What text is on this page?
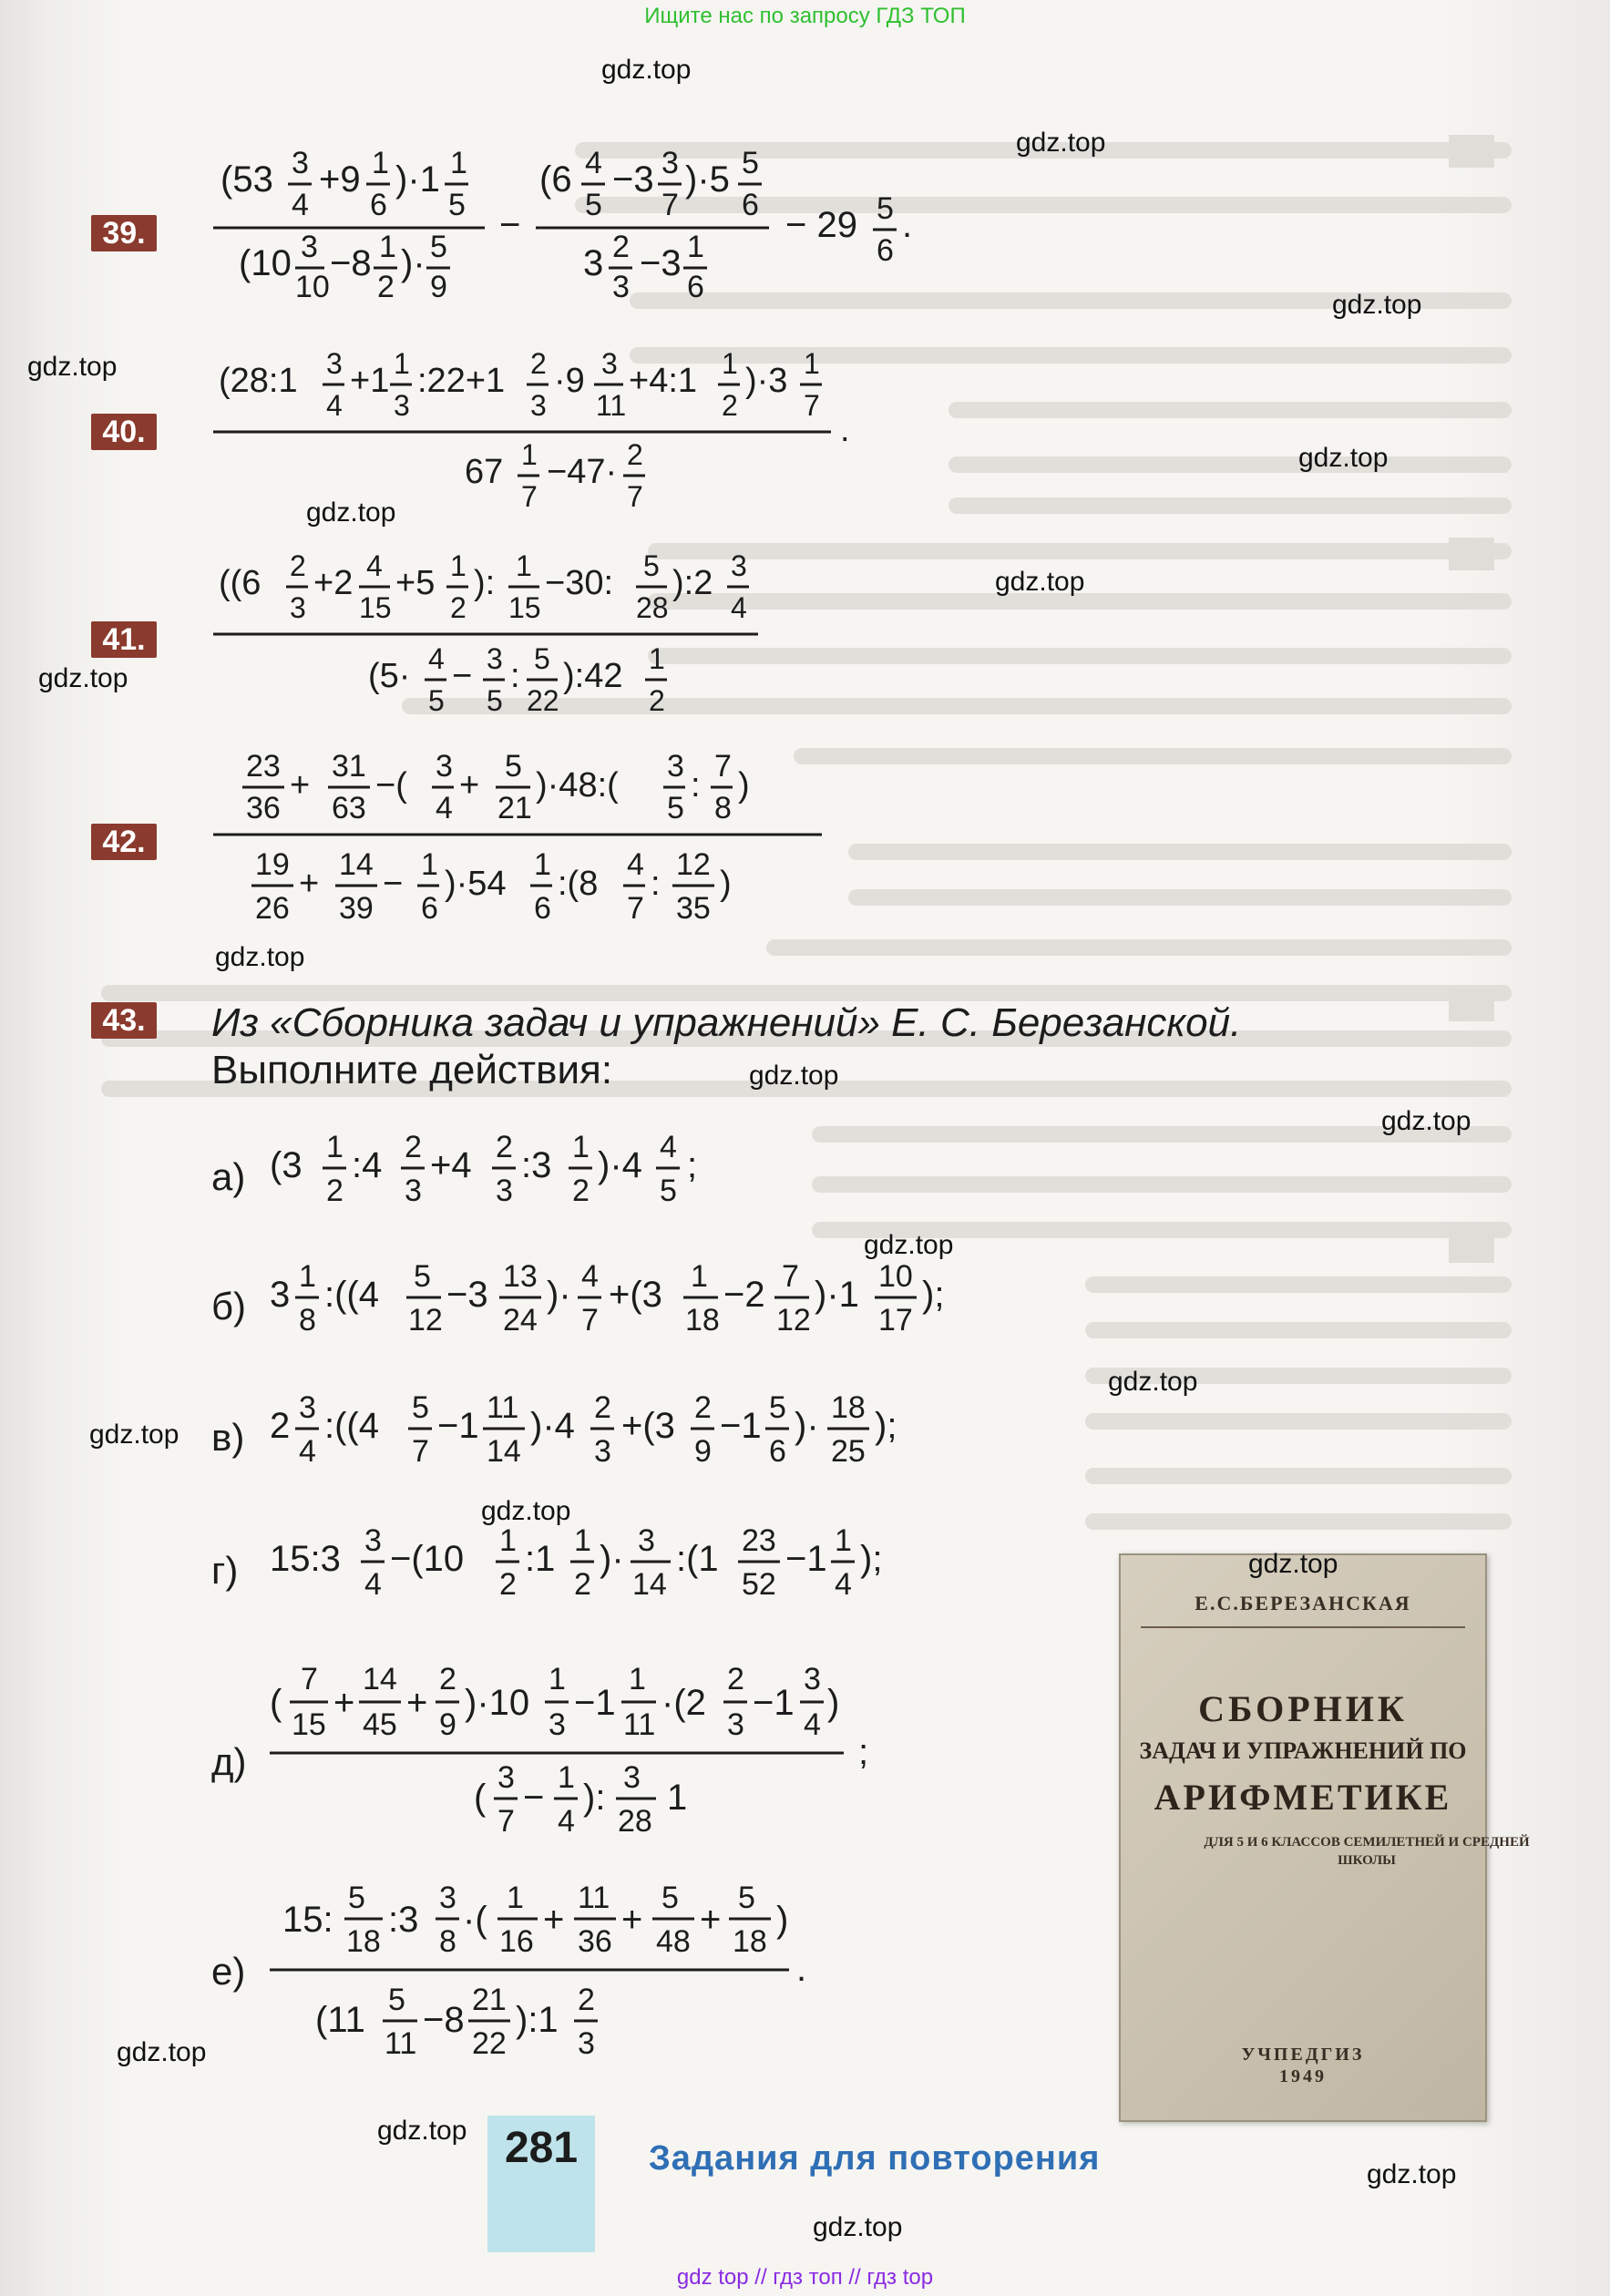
Ищите нас по запросу ГДЗ ТОП
39.
40.
41.
42.
43.
(53 3
4
+9 1
6
)·1 1
5
(10 3
10
−8 1
2
)· 5
9
−
(6 4
5
−3 3
7
)·5 5
6
3 2
3
−3 1
6
− 29 5
6
.
(28:1 3
4
+1 1
3
:22+1 2
3
·9 3
11
+4:1 1
2
)·3 1
7
.
67 1
7
−47· 2
7
((6 2
3
+2 4
15
+5 1
2
): 1
15
−30: 5
28
):2 3
4
(5· 4
5
− 3
5
: 5
22
):42 1
2
23
36
+ 31
63
−( 3
4
+ 5
21
)·48:( 3
5
: 7
8
)
19
26
+ 14
39
− 1
6
)·54 1
6
:(8 4
7
: 12
35
)
Из «Сборника задач и упражнений» Е. С. Березанской.
Выполните действия:
а) (3 1
2
:4 2
3
+4 2
3
:3 1
2
)·4 4
5
;
б) 3 1
8
:((4 5
12
−3 13
24
)· 4
7
+(3 1
18
−2 7
12
)·1 10
17
);
в) 2 3
4
:((4 5
7
−1 11
14
)·4 2
3
+(3 2
9
−1 5
6
)· 18
25
);
г) 15:3 3
4
−(10 1
2
:1 1
2
)· 3
14
:(1 23
52
−1 1
4
);
д)
(
7
15
+
14
45
+
2
9
)·10
1
3
−1
1
11
·(2
2
3
−1
3
4
)
;
( 3
7
− 1
4
): 3
28
1
е)
15:
5
18
:3
3
8
·(
1
16
+
11
36
+
5
48
+
5
18
)
.
(11 5
11
−8 21
22
):1 2
3
Е.С.БЕРЕЗАНСКАЯ
СБОРНИК
ЗАДАЧ И УПРАЖНЕНИЙ ПО
АРИФМЕТИКЕ
ДЛЯ 5 И 6 КЛАССОВ СЕМИЛЕТНЕЙ И СРЕДНЕЙ ШКОЛЫ
УЧПЕДГИЗ
1949
281	Задания для повторения
gdz.top
gdz.top
gdz.top
gdz.top
gdz.top
gdz.top
gdz.top
gdz.top
gdz.top
gdz.top
gdz.top
gdz.top
gdz.top
gdz.top
gdz.top
gdz.top
gdz.top
gdz.top
gdz.top
gdz.top
gdz top // гдз топ // гдз top
